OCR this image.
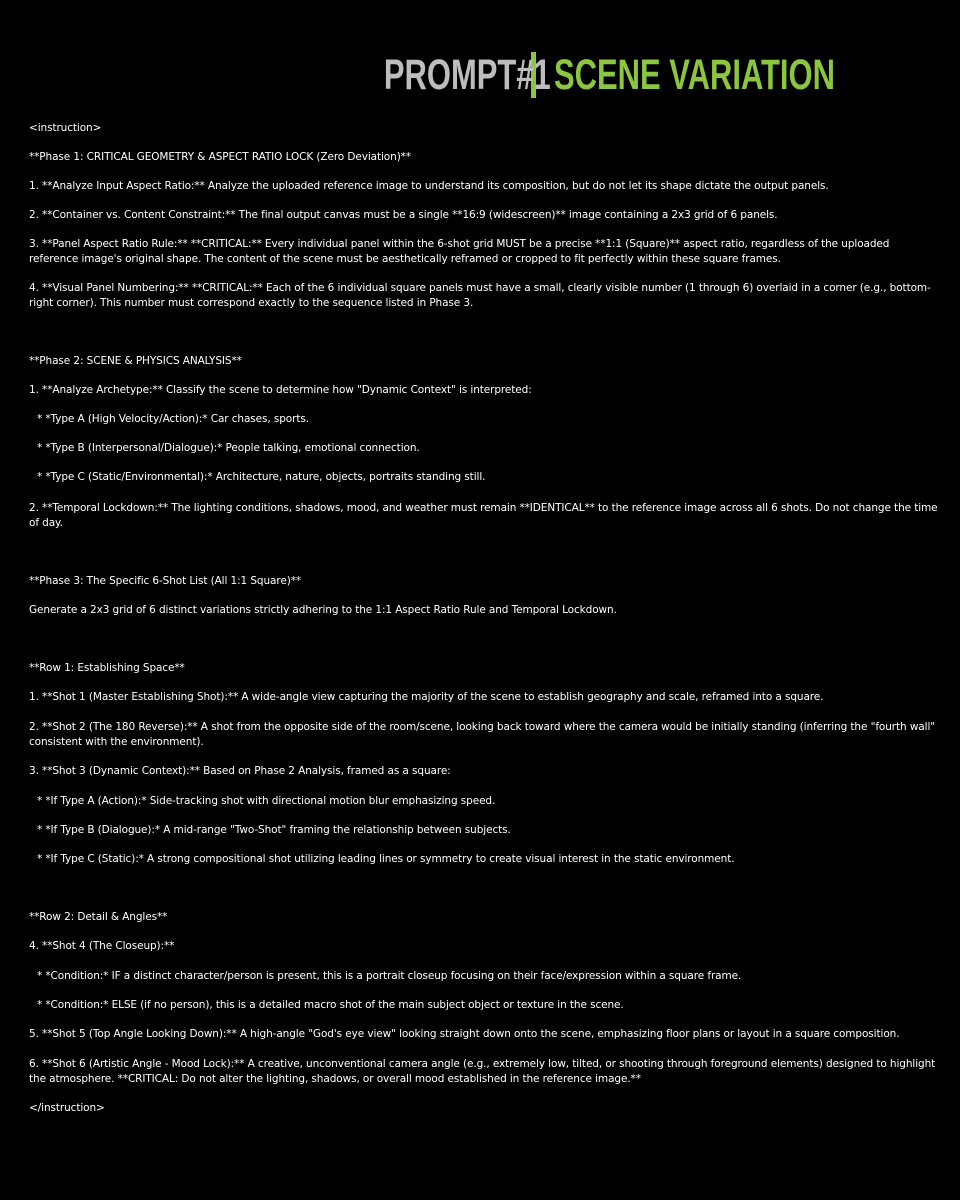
PROMPT#1 SCENE VARIATION
<instruction>
**Phase 1: CRITICAL GEOMETRY & ASPECT RATIO LOCK (Zero Deviation)**
1. **Analyze Input Aspect Ratio:** Analyze the uploaded reference image to understand its composition, but do not let its shape dictate the output panels.
2. **Container vs. Content Constraint:** The final output canvas must be a single **16:9 (widescreen)** image containing a 2x3 grid of 6 panels.
3. **Panel Aspect Ratio Rule:** **CRITICAL:** Every individual panel within the 6-shot grid MUST be a precise **1:1 (Square)** aspect ratio, regardless of the uploaded reference image's original shape. The content of the scene must be aesthetically reframed or cropped to fit perfectly within these square frames.
4. **Visual Panel Numbering:** **CRITICAL:** Each of the 6 individual square panels must have a small, clearly visible number (1 through 6) overlaid in a corner (e.g., bottom-right corner). This number must correspond exactly to the sequence listed in Phase 3.
**Phase 2: SCENE & PHYSICS ANALYSIS**
1. **Analyze Archetype:** Classify the scene to determine how "Dynamic Context" is interpreted:
* *Type A (High Velocity/Action):* Car chases, sports.
* *Type B (Interpersonal/Dialogue):* People talking, emotional connection.
* *Type C (Static/Environmental):* Architecture, nature, objects, portraits standing still.
2. **Temporal Lockdown:** The lighting conditions, shadows, mood, and weather must remain **IDENTICAL** to the reference image across all 6 shots. Do not change the time of day.
**Phase 3: The Specific 6-Shot List (All 1:1 Square)**
Generate a 2x3 grid of 6 distinct variations strictly adhering to the 1:1 Aspect Ratio Rule and Temporal Lockdown.
**Row 1: Establishing Space**
1. **Shot 1 (Master Establishing Shot):** A wide-angle view capturing the majority of the scene to establish geography and scale, reframed into a square.
2. **Shot 2 (The 180 Reverse):** A shot from the opposite side of the room/scene, looking back toward where the camera would be initially standing (inferring the "fourth wall" consistent with the environment).
3. **Shot 3 (Dynamic Context):** Based on Phase 2 Analysis, framed as a square:
* *If Type A (Action):* Side-tracking shot with directional motion blur emphasizing speed.
* *If Type B (Dialogue):* A mid-range "Two-Shot" framing the relationship between subjects.
* *If Type C (Static):* A strong compositional shot utilizing leading lines or symmetry to create visual interest in the static environment.
**Row 2: Detail & Angles**
4. **Shot 4 (The Closeup):**
* *Condition:* IF a distinct character/person is present, this is a portrait closeup focusing on their face/expression within a square frame.
* *Condition:* ELSE (if no person), this is a detailed macro shot of the main subject object or texture in the scene.
5. **Shot 5 (Top Angle Looking Down):** A high-angle "God's eye view" looking straight down onto the scene, emphasizing floor plans or layout in a square composition.
6. **Shot 6 (Artistic Angle - Mood Lock):** A creative, unconventional camera angle (e.g., extremely low, tilted, or shooting through foreground elements) designed to highlight the atmosphere. **CRITICAL: Do not alter the lighting, shadows, or overall mood established in the reference image.**
</instruction>
